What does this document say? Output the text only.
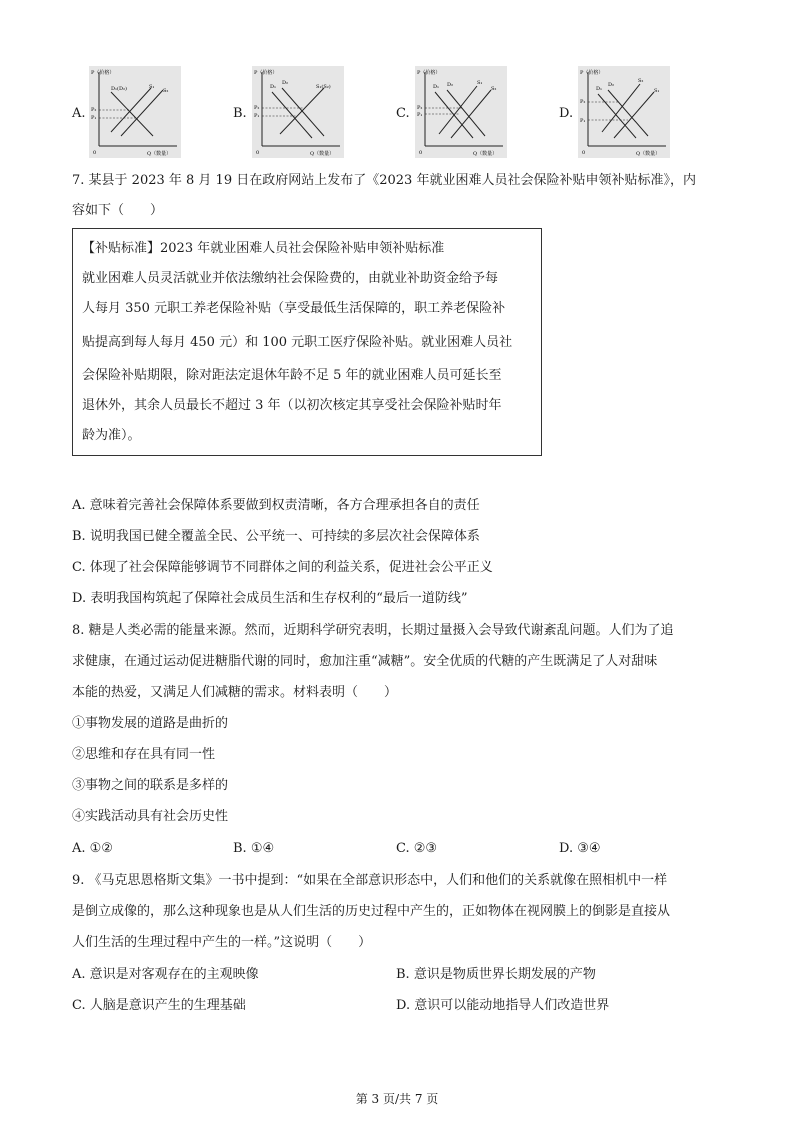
A.
P（价格）
Q（数量）
0
D₁(D₂)	S₁
S₂
P₂
P₁	B.
P（价格）
Q（数量）
0
D₁
D₂
S₁(S₂)
P₂
P₁	C.
P（价格）
Q（数量）
0
D₁ D₂	S₁
S₂
P₂
P₁	D.
P（价格）
Q（数量）
0
D₁
D₂
S₂
S₁
P₂
P₁
7. 某县于 2023 年 8 月 19 日在政府网站上发布了《2023 年就业困难人员社会保险补贴申领补贴标准》，内
容如下（　　）
【补贴标准】2023 年就业困难人员社会保险补贴申领补贴标准
就业困难人员灵活就业并依法缴纳社会保险费的，由就业补助资金给予每
人每月 350 元职工养老保险补贴（享受最低生活保障的，职工养老保险补
贴提高到每人每月 450 元）和 100 元职工医疗保险补贴。就业困难人员社
会保险补贴期限，除对距法定退休年龄不足 5 年的就业困难人员可延长至
退休外，其余人员最长不超过 3 年（以初次核定其享受社会保险补贴时年
龄为准）。
A. 意味着完善社会保障体系要做到权责清晰，各方合理承担各自的责任
B. 说明我国已健全覆盖全民、公平统一、可持续的多层次社会保障体系
C. 体现了社会保障能够调节不同群体之间的利益关系，促进社会公平正义
D. 表明我国构筑起了保障社会成员生活和生存权利的“最后一道防线”
8. 糖是人类必需的能量来源。然而，近期科学研究表明，长期过量摄入会导致代谢紊乱问题。人们为了追
求健康，在通过运动促进糖脂代谢的同时，愈加注重“减糖”。安全优质的代糖的产生既满足了人对甜味
本能的热爱，又满足人们减糖的需求。材料表明（　　）
①事物发展的道路是曲折的
②思维和存在具有同一性
③事物之间的联系是多样的
④实践活动具有社会历史性
A. ①②	B. ①④	C. ②③	D. ③④
9. 《马克思恩格斯文集》一书中提到：“如果在全部意识形态中，人们和他们的关系就像在照相机中一样
是倒立成像的，那么这种现象也是从人们生活的历史过程中产生的，正如物体在视网膜上的倒影是直接从
人们生活的生理过程中产生的一样。”这说明（　　）
A. 意识是对客观存在的主观映像	B. 意识是物质世界长期发展的产物
C. 人脑是意识产生的生理基础	D. 意识可以能动地指导人们改造世界
第 3 页/共 7 页
